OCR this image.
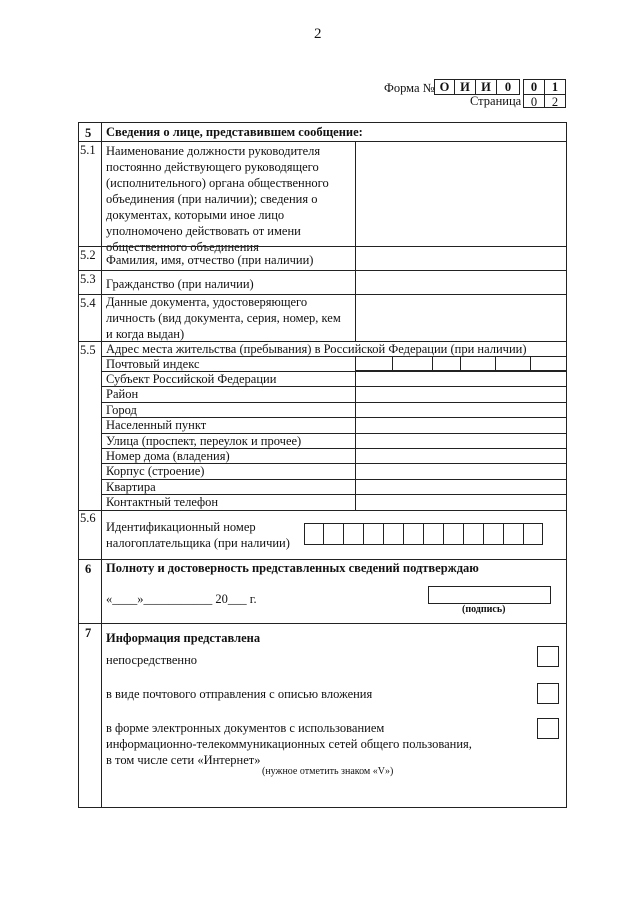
2
Форма № О И И	0	0	1
Страница 0	2
5 Сведения о лице, представившем сообщение:
5.1 Наименование должности руководителя
постоянно действующего руководящего
(исполнительного) органа общественного
объединения (при наличии); сведения о
документах, которыми иное лицо
уполномочено действовать от имени
общественного объединения
5.2 Фамилия, имя, отчество (при наличии)
5.3 Гражданство (при наличии)
5.4 Данные документа, удостоверяющего
личность (вид документа, серия, номер, кем
и когда выдан)
5.5 Адрес места жительства (пребывания) в Российской Федерации (при наличии)
Почтовый индекс
Субъект Российской Федерации
Район
Город
Населенный пункт
Улица (проспект, переулок и прочее)
Номер дома (владения)
Корпус (строение)
Квартира
Контактный телефон
5.6
Идентификационный номер
налогоплательщика (при наличии)
6 Полноту и достоверность представленных сведений подтверждаю
«____»___________ 20___ г.
(подпись)
7 Информация представлена
непосредственно
в виде почтового отправления с описью вложения
в форме электронных документов с использованием
информационно-телекоммуникационных сетей общего пользования,
в том числе сети «Интернет»
(нужное отметить знаком «V»)
